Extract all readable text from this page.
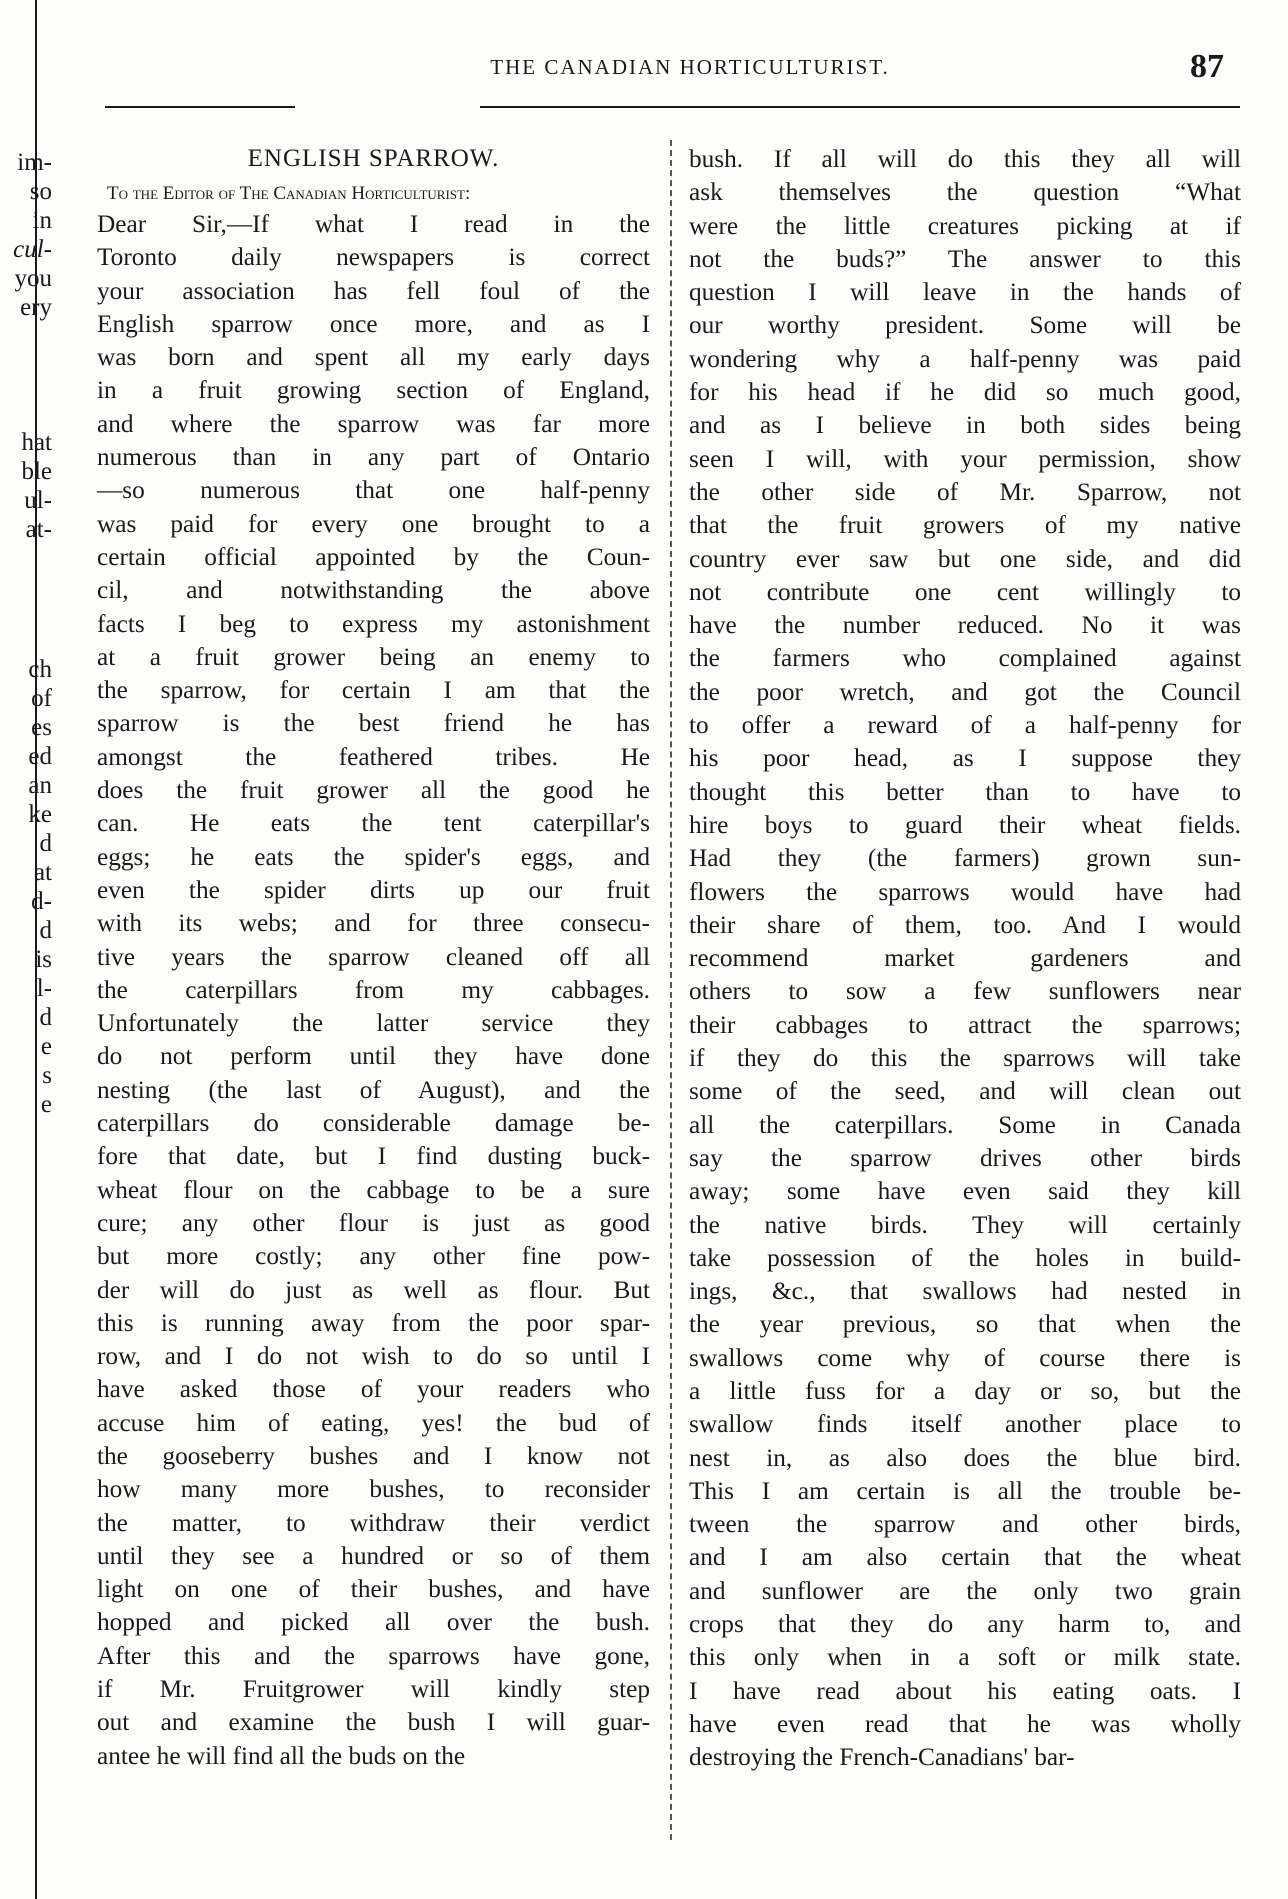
im-
so
in
cul-
you
ery
hat
ble
ul-
at-
ch
of
es
ed
an
ke
d
at
d-
d
is
l-
d
e
s
e
THE CANADIAN HORTICULTURIST.	87
ENGLISH SPARROW.
To the Editor of The Canadian Horticulturist:
Dear Sir,—If what I read in the
Toronto daily newspapers is correct
your association has fell foul of the
English sparrow once more, and as I
was born and spent all my early days
in a fruit growing section of England,
and where the sparrow was far more
numerous than in any part of Ontario
—so numerous that one half-penny
was paid for every one brought to a
certain official appointed by the Coun-
cil, and notwithstanding the above
facts I beg to express my astonishment
at a fruit grower being an enemy to
the sparrow, for certain I am that the
sparrow is the best friend he has
amongst the feathered tribes. He
does the fruit grower all the good he
can. He eats the tent caterpillar's
eggs; he eats the spider's eggs, and
even the spider dirts up our fruit
with its webs; and for three consecu-
tive years the sparrow cleaned off all
the caterpillars from my cabbages.
Unfortunately the latter service they
do not perform until they have done
nesting (the last of August), and the
caterpillars do considerable damage be-
fore that date, but I find dusting buck-
wheat flour on the cabbage to be a sure
cure; any other flour is just as good
but more costly; any other fine pow-
der will do just as well as flour. But
this is running away from the poor spar-
row, and I do not wish to do so until I
have asked those of your readers who
accuse him of eating, yes! the bud of
the gooseberry bushes and I know not
how many more bushes, to reconsider
the matter, to withdraw their verdict
until they see a hundred or so of them
light on one of their bushes, and have
hopped and picked all over the bush.
After this and the sparrows have gone,
if Mr. Fruitgrower will kindly step
out and examine the bush I will guar-
antee he will find all the buds on the
bush. If all will do this they all will
ask themselves the question “What
were the little creatures picking at if
not the buds?” The answer to this
question I will leave in the hands of
our worthy president. Some will be
wondering why a half-penny was paid
for his head if he did so much good,
and as I believe in both sides being
seen I will, with your permission, show
the other side of Mr. Sparrow, not
that the fruit growers of my native
country ever saw but one side, and did
not contribute one cent willingly to
have the number reduced. No it was
the farmers who complained against
the poor wretch, and got the Council
to offer a reward of a half-penny for
his poor head, as I suppose they
thought this better than to have to
hire boys to guard their wheat fields.
Had they (the farmers) grown sun-
flowers the sparrows would have had
their share of them, too. And I would
recommend market gardeners and
others to sow a few sunflowers near
their cabbages to attract the sparrows;
if they do this the sparrows will take
some of the seed, and will clean out
all the caterpillars. Some in Canada
say the sparrow drives other birds
away; some have even said they kill
the native birds. They will certainly
take possession of the holes in build-
ings, &c., that swallows had nested in
the year previous, so that when the
swallows come why of course there is
a little fuss for a day or so, but the
swallow finds itself another place to
nest in, as also does the blue bird.
This I am certain is all the trouble be-
tween the sparrow and other birds,
and I am also certain that the wheat
and sunflower are the only two grain
crops that they do any harm to, and
this only when in a soft or milk state.
I have read about his eating oats. I
have even read that he was wholly
destroying the French-Canadians' bar-
